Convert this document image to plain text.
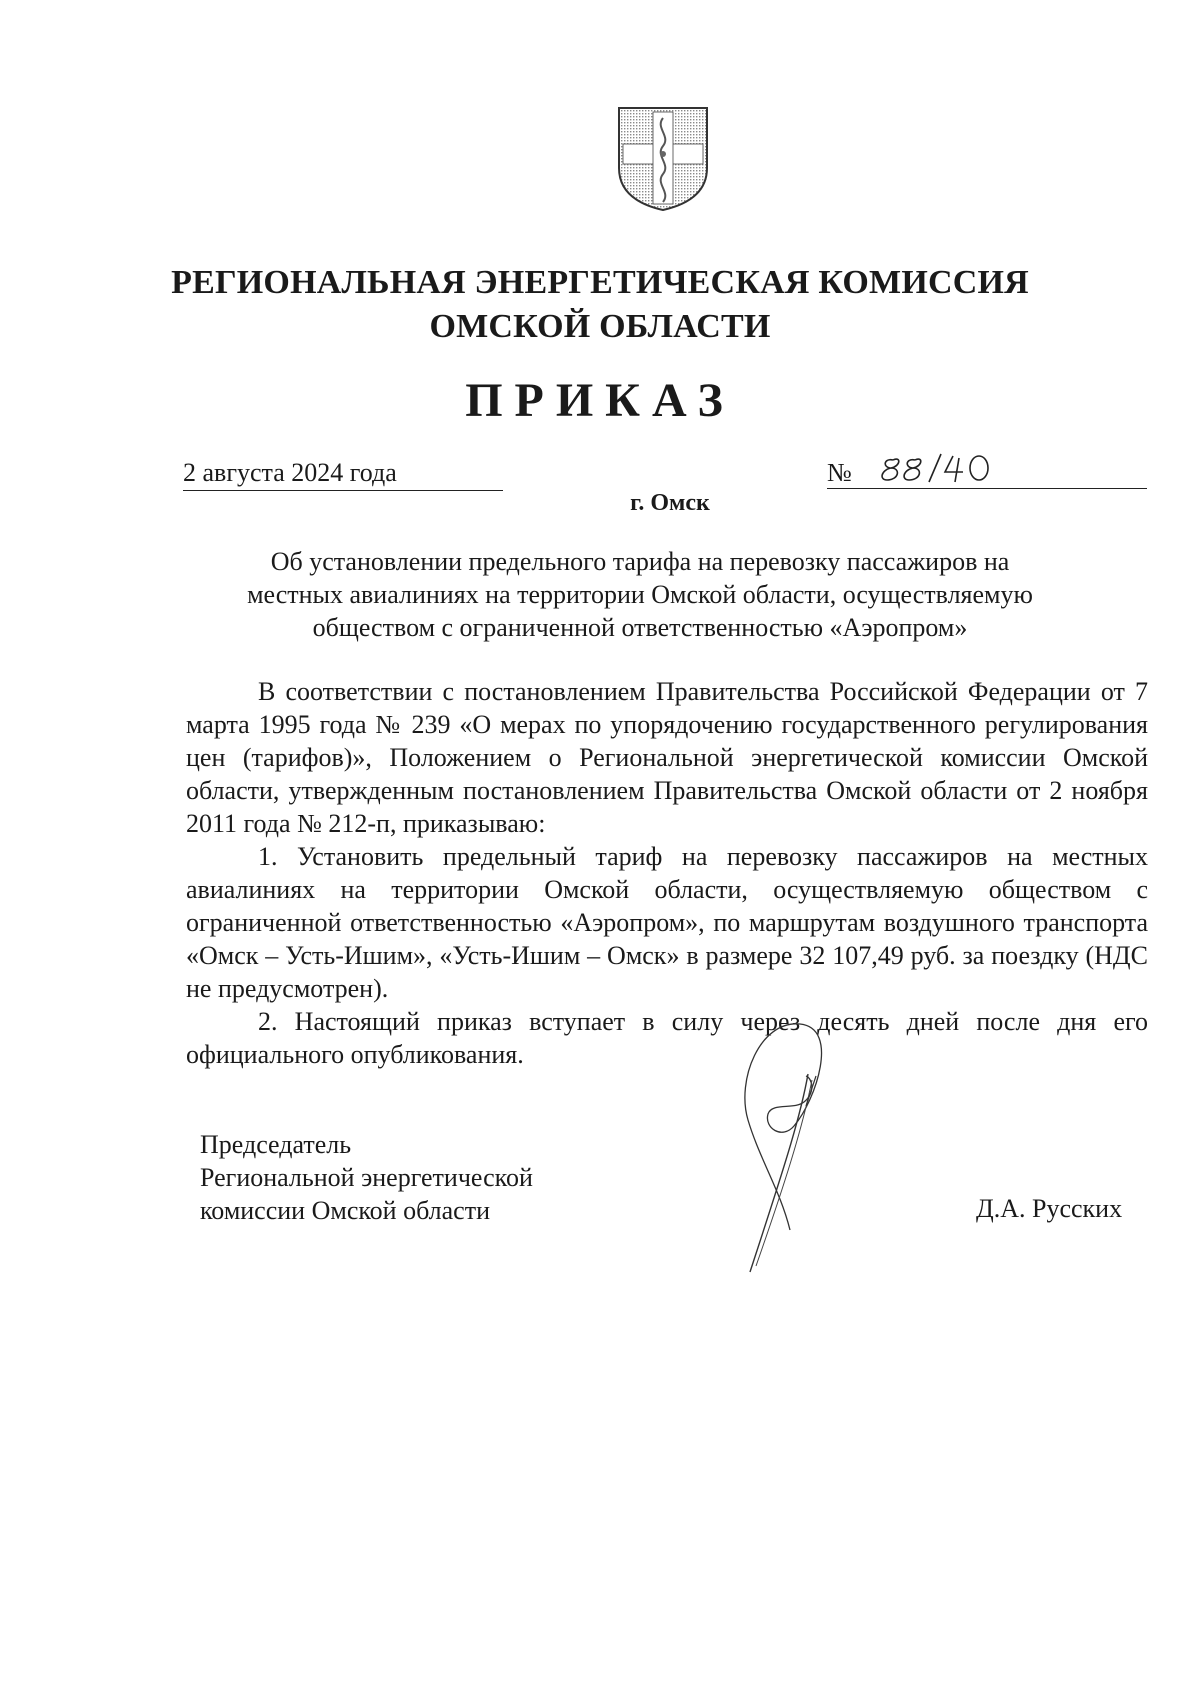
РЕГИОНАЛЬНАЯ ЭНЕРГЕТИЧЕСКАЯ КОМИССИЯ
ОМСКОЙ ОБЛАСТИ
ПРИКАЗ
2 августа 2024 года	№
г. Омск
Об установлении предельного тарифа на перевозку пассажиров на
местных авиалиниях на территории Омской области, осуществляемую
обществом с ограниченной ответственностью «Аэропром»

В соответствии с постановлением Правительства Российской Федерации от 7 марта 1995 года № 239 «О мерах по упорядочению государственного регулирования цен (тарифов)», Положением о Региональной энергетической комиссии Омской области, утвержденным постановлением Правительства Омской области от 2 ноября 2011 года № 212-п, приказываю:

1. Установить предельный тариф на перевозку пассажиров на местных авиалиниях на территории Омской области, осуществляемую обществом с ограниченной ответственностью «Аэропром», по маршрутам воздушного транспорта «Омск – Усть-Ишим», «Усть-Ишим – Омск» в размере 32 107,49 руб. за поездку (НДС не предусмотрен).

2. Настоящий приказ вступает в силу через десять дней после дня его официального опубликования.

Председатель
Региональной энергетической
комиссии Омской области	Д.А. Русских
